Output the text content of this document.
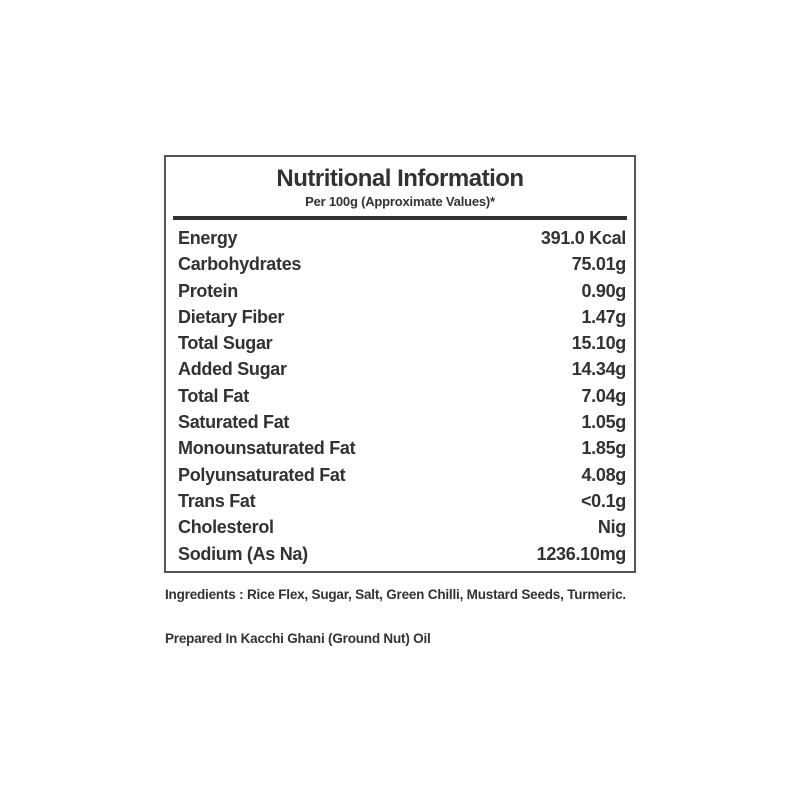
Nutritional Information
Per 100g (Approximate Values)*
Energy	391.0 Kcal
Carbohydrates	75.01g
Protein	0.90g
Dietary Fiber	1.47g
Total Sugar	15.10g
Added Sugar	14.34g
Total Fat	7.04g
Saturated Fat	1.05g
Monounsaturated Fat	1.85g
Polyunsaturated Fat	4.08g
Trans Fat	<0.1g
Cholesterol	Nig
Sodium (As Na)	1236.10mg
Ingredients : Rice Flex, Sugar, Salt, Green Chilli, Mustard Seeds, Turmeric.
Prepared In Kacchi Ghani (Ground Nut) Oil
